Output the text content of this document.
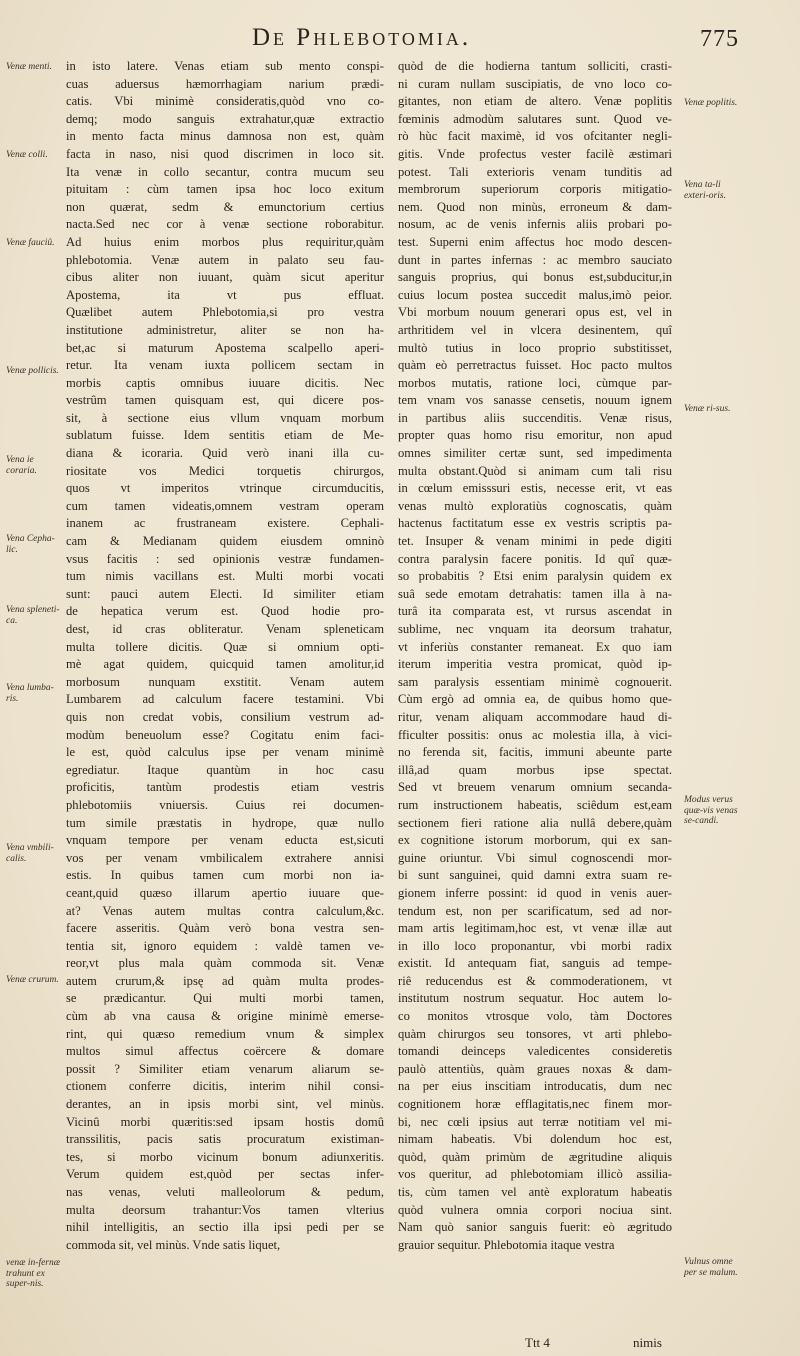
De Phlebotomia.	775

in isto latere. Venas etiam sub mento conspi-

cuas aduersus hæmorrhagiam narium prædi-

catis. Vbi minimè consideratis,quòd vno co-

demq; modo sanguis extrahatur,quæ extractio

in mento facta minus damnosa non est, quàm

facta in naso, nisi quod discrimen in loco sit.

Ita venæ in collo secantur, contra mucum seu

pituitam : cùm tamen ipsa hoc loco exitum

non quærat, sedm & emunctorium certius

nacta.Sed nec cor à venæ sectione roborabitur.

Ad huius enim morbos plus requiritur,quàm

phlebotomia. Venæ autem in palato seu fau-

cibus aliter non iuuant, quàm sicut aperitur

Apostema, ita vt pus effluat.

Quælibet autem Phlebotomia,si pro vestra

institutione administretur, aliter se non ha-

bet,ac si maturum Apostema scalpello aperi-

retur. Ita venam iuxta pollicem sectam in

morbis captis omnibus iuuare dicitis. Nec

vestrûm tamen quisquam est, qui dicere pos-

sit, à sectione eius vllum vnquam morbum

sublatum fuisse. Idem sentitis etiam de Me-

diana & icoraria. Quid verò inani illa cu-

riositate vos Medici torquetis chirurgos,

quos vt imperitos vtrinque circumducitis,

cum tamen videatis,omnem vestram operam

inanem ac frustraneam existere. Cephali-

cam & Medianam quidem eiusdem omninò

vsus facitis : sed opinionis vestræ fundamen-

tum nimis vacillans est. Multi morbi vocati

sunt: pauci autem Electi. Id similiter etiam

de hepatica verum est. Quod hodie pro-

dest, id cras obliteratur. Venam spleneticam

multa tollere dicitis. Quæ si omnium opti-

mè agat quidem, quicquid tamen amolitur,id

morbosum nunquam exstitit. Venam autem

Lumbarem ad calculum facere testamini. Vbi

quis non credat vobis, consilium vestrum ad-

modùm beneuolum esse? Cogitatu enim faci-

le est, quòd calculus ipse per venam minimè

egrediatur. Itaque quantùm in hoc casu

proficitis, tantùm prodestis etiam vestris

phlebotomiis vniuersis. Cuius rei documen-

tum simile præstatis in hydrope, quæ nullo

vnquam tempore per venam educta est,sicuti

vos per venam vmbilicalem extrahere annisi

estis. In quibus tamen cum morbi non ia-

ceant,quid quæso illarum apertio iuuare que-

at? Venas autem multas contra calculum,&c.

facere asseritis. Quàm verò bona vestra sen-

tentia sit, ignoro equidem : valdè tamen ve-

reor,vt plus mala quàm commoda sit. Venæ

autem crurum,& ipsę ad quàm multa prodes-

se prædicantur. Qui multi morbi tamen,

cùm ab vna causa & origine minimè emerse-

rint, qui quæso remedium vnum & simplex

multos simul affectus coërcere & domare

possit ? Similiter etiam venarum aliarum se-

ctionem conferre dicitis, interim nihil consi-

derantes, an in ipsis morbi sint, vel minùs.

Vicinû morbi quæritis:sed ipsam hostis domû

transsilitis, pacis satis procuratum existiman-

tes, si morbo vicinum bonum adiunxeritis.

Verum quidem est,quòd per sectas infer-

nas venas, veluti malleolorum & pedum,

multa deorsum trahantur:Vos tamen vlterius

nihil intelligitis, an sectio illa ipsi pedi per se

commoda sit, vel minùs. Vnde satis liquet,

quòd de die hodierna tantum solliciti, crasti-

ni curam nullam suscipiatis, de vno loco co-

gitantes, non etiam de altero. Venæ poplitis

fœminis admodùm salutares sunt. Quod ve-

rò hùc facit maximè, id vos ofcitanter negli-

gitis. Vnde profectus vester facilè æstimari

potest. Tali exterioris venam tunditis ad

membrorum superiorum corporis mitigatio-

nem. Quod non minùs, erroneum & dam-

nosum, ac de venis infernis aliis probari po-

test. Superni enim affectus hoc modo descen-

dunt in partes infernas : ac membro sauciato

sanguis proprius, qui bonus est,subducitur,in

cuius locum postea succedit malus,imò peior.

Vbi morbum nouum generari opus est, vel in

arthritidem vel in vlcera desinentem, quî

multò tutius in loco proprio substitisset,

quàm eò perretractus fuisset. Hoc pacto multos

morbos mutatis, ratione loci, cùmque par-

tem vnam vos sanasse censetis, nouum ignem

in partibus aliis succenditis. Venæ risus,

propter quas homo risu emoritur, non apud

omnes similiter certæ sunt, sed impedimenta

multa obstant.Quòd si animam cum tali risu

in cœlum emisssuri estis, necesse erit, vt eas

venas multò exploratiùs cognoscatis, quàm

hactenus factitatum esse ex vestris scriptis pa-

tet. Insuper & venam minimi in pede digiti

contra paralysin facere ponitis. Id quî quæ-

so probabitis ? Etsi enim paralysin quidem ex

suâ sede emotam detrahatis: tamen illa à na-

turâ ita comparata est, vt rursus ascendat in

sublime, nec vnquam ita deorsum trahatur,

vt inferiùs constanter remaneat. Ex quo iam

iterum imperitia vestra promicat, quòd ip-

sam paralysis essentiam minimè cognouerit.

Cùm ergò ad omnia ea, de quibus homo que-

ritur, venam aliquam accommodare haud di-

fficulter possitis: onus ac molestia illa, à vici-

no ferenda sit, facitis, immuni abeunte parte

illâ,ad quam morbus ipse spectat.

Sed vt breuem venarum omnium secanda-

rum instructionem habeatis, sciêdum est,eam

sectionem fieri ratione alia nullâ debere,quàm

ex cognitione istorum morborum, qui ex san-

guine oriuntur. Vbi simul cognoscendi mor-

bi sunt sanguinei, quid damni extra suam re-

gionem inferre possint: id quod in venis auer-

tendum est, non per scarificatum, sed ad nor-

mam artis legitimam,hoc est, vt venæ illæ aut

in illo loco proponantur, vbi morbi radix

existit. Id antequam fiat, sanguis ad tempe-

riê reducendus est & commoderationem, vt

institutum nostrum sequatur. Hoc autem lo-

co monitos vtrosque volo, tàm Doctores

quàm chirurgos seu tonsores, vt arti phlebo-

tomandi deinceps valedicentes consideretis

paulò attentiùs, quàm graues noxas & dam-

na per eius inscitiam introducatis, dum nec

cognitionem horæ efflagitatis,nec finem mor-

bi, nec cœli ipsius aut terræ notitiam vel mi-

nimam habeatis. Vbi dolendum hoc est,

quòd, quàm primùm de ægritudine aliquis

vos queritur, ad phlebotomiam illicò assilia-

tis, cùm tamen vel antè exploratum habeatis

quòd vulnera omnia corpori nociua sint.

Nam quò sanior sanguis fuerit: eò ægritudo

grauior sequitur. Phlebotomia itaque vestra

Venæ menti.
Venæ colli.
Venæ fauciû.
Venæ pollicis.
Vena ie coraria.
Vena Cepha-lic.
Vena spleneti-ca.
Vena lumba-ris.
Vena vmbili-calis.
Venæ crurum.
venæ in-fernæ trahunt ex super-nis.
Venæ poplitis.
Vena ta-li exteri-oris.
Venæ ri-sus.
Modus verus quæ-vis venas se-candi.
Vulnus omne per se malum.
Ttt 4	nimis
